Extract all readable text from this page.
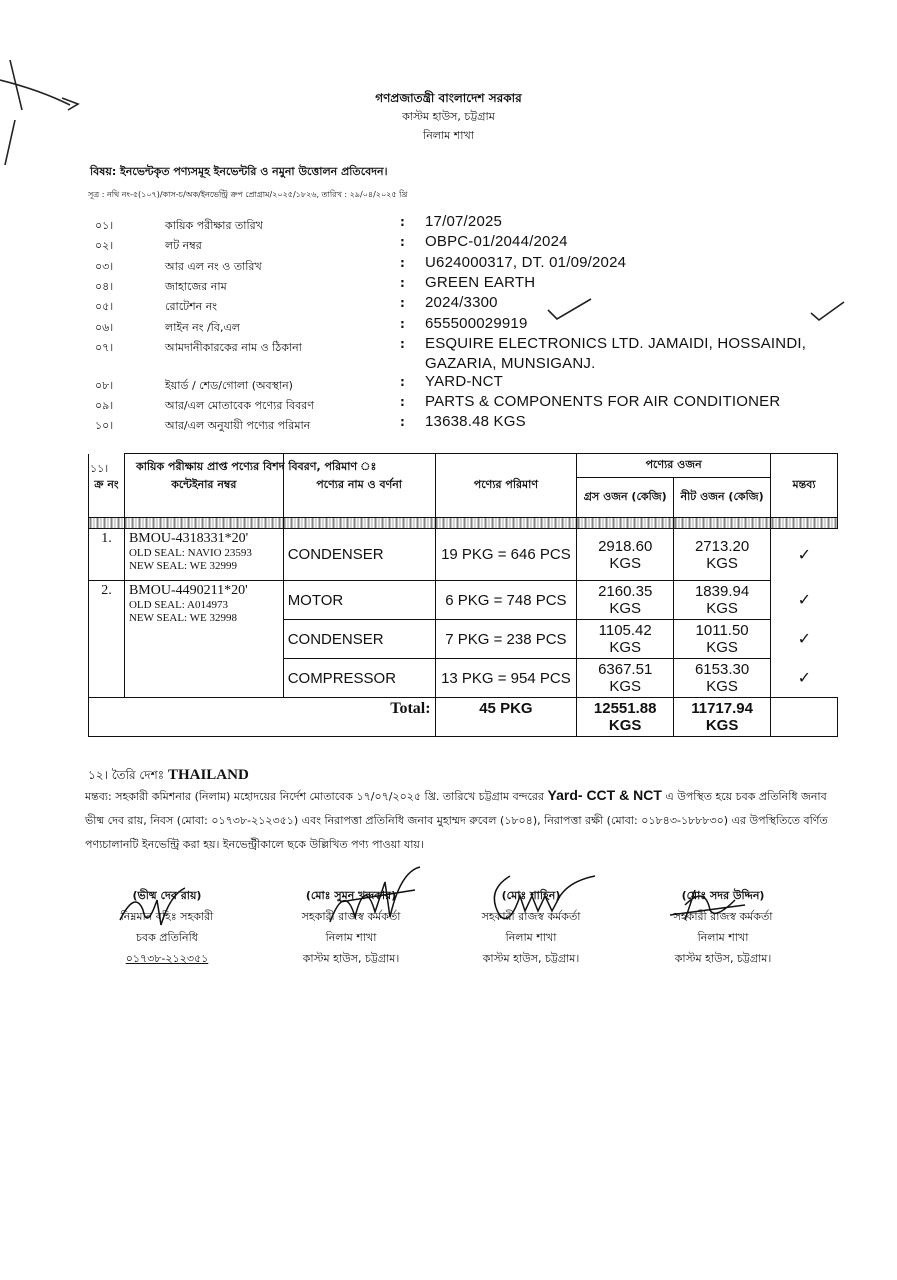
গণপ্রজাতন্ত্রী বাংলাদেশ সরকার
কাস্টম হাউস, চট্টগ্রাম
নিলাম শাখা
বিষয়: ইনভেন্টকৃত পণ্যসমূহ ইনভেন্টরি ও নমুনা উত্তোলন প্রতিবেদন।
সূত্র : নথি নং-৫(১০৭)/কাস-চ/অক/ইনভেন্ট্রি ক্রপ প্রোগ্রাম/২০২৫/১৮২৬, তারিখ : ২৯/০৪/২০২৫ খ্রি
০১।	কায়িক পরীক্ষার তারিখ	: 17/07/2025
০২।	লট নম্বর	: OBPC-01/2044/2024
০৩।	আর এল নং ও তারিখ	: U624000317, DT. 01/09/2024
০৪।	জাহাজের নাম	: GREEN EARTH
০৫।	রোটেশন নং	: 2024/3300
০৬।	লাইন নং /বি,এল	: 655500029919
০৭।	আমদানীকারকের নাম ও ঠিকানা	: ESQUIRE ELECTRONICS LTD. JAMAIDI, HOSSAINDI,
GAZARIA, MUNSIGANJ.
০৮।	ইয়ার্ড / শেড/গোলা (অবস্থান)	: YARD-NCT
০৯।	আর/এল মোতাবেক পণ্যের বিবরণ	: PARTS & COMPONENTS FOR AIR CONDITIONER
১০।	আর/এল অনুযায়ী পণ্যের পরিমান	: 13638.48 KGS
১১।	কায়িক পরীক্ষায় প্রাপ্ত পণ্যের বিশদ বিবরণ, পরিমাণ ঃ
ক্র নং	কন্টেইনার নম্বর	পণ্যের নাম ও বর্ণনা	পণ্যের পরিমাণ	পণ্যের ওজন		মন্তব্য
				গ্রস ওজন (কেজি)	নীট ওজন (কেজি)	

1.	BMOU-4318331*20'
OLD SEAL: NAVIO 23593
NEW SEAL: WE 32999	CONDENSER	19 PKG = 646 PCS	2918.60 KGS	2713.20 KGS	✓
2.	BMOU-4490211*20'
OLD SEAL: A014973
NEW SEAL: WE 32998	MOTOR	6 PKG = 748 PCS	2160.35 KGS	1839.94 KGS	✓
		CONDENSER	7 PKG = 238 PCS	1105.42 KGS	1011.50 KGS	✓
		COMPRESSOR	13 PKG = 954 PCS	6367.51 KGS	6153.30 KGS	✓
Total:			45 PKG	12551.88 KGS	11717.94 KGS	
১২। তৈরি দেশঃ THAILAND
মন্তব্য: সহকারী কমিশনার (নিলাম) মহোদয়ের নির্দেশ মোতাবেক ১৭/০৭/২০২৫ খ্রি. তারিখে চট্টগ্রাম বন্দরের Yard- CCT & NCT এ উপস্থিত হয়ে চবক প্রতিনিধি জনাব ভীষ্ম দেব রায়, নিবস (মোবা: ০১৭৩৮-২১২৩৫১) এবং নিরাপত্তা প্রতিনিধি জনাব মুহাম্মদ রুবেল (১৮০৪), নিরাপত্তা রক্ষী (মোবা: ০১৮৪৩-১৮৮৮৩০) এর উপস্থিতিতে বর্ণিত পণ্যচালানটি ইনভেন্ট্রি করা হয়। ইনভেন্ট্রীকালে ছকে উল্লিখিত পণ্য পাওয়া যায়।
(ভীষ্ম দেব রায়)
নিম্নমান বহিঃ সহকারী
চবক প্রতিনিধি
০১৭৩৮-২১২৩৫১
(মোঃ সুমন খন্দকার)
সহকারী রাজস্ব কর্মকর্তা
নিলাম শাখা
কাস্টম হাউস, চট্টগ্রাম।
(মোঃ শাহিন)
সহকারী রাজস্ব কর্মকর্তা
নিলাম শাখা
কাস্টম হাউস, চট্টগ্রাম।
(মোঃ সদর উদ্দিন)
সহকারী রাজস্ব কর্মকর্তা
নিলাম শাখা
কাস্টম হাউস, চট্টগ্রাম।
